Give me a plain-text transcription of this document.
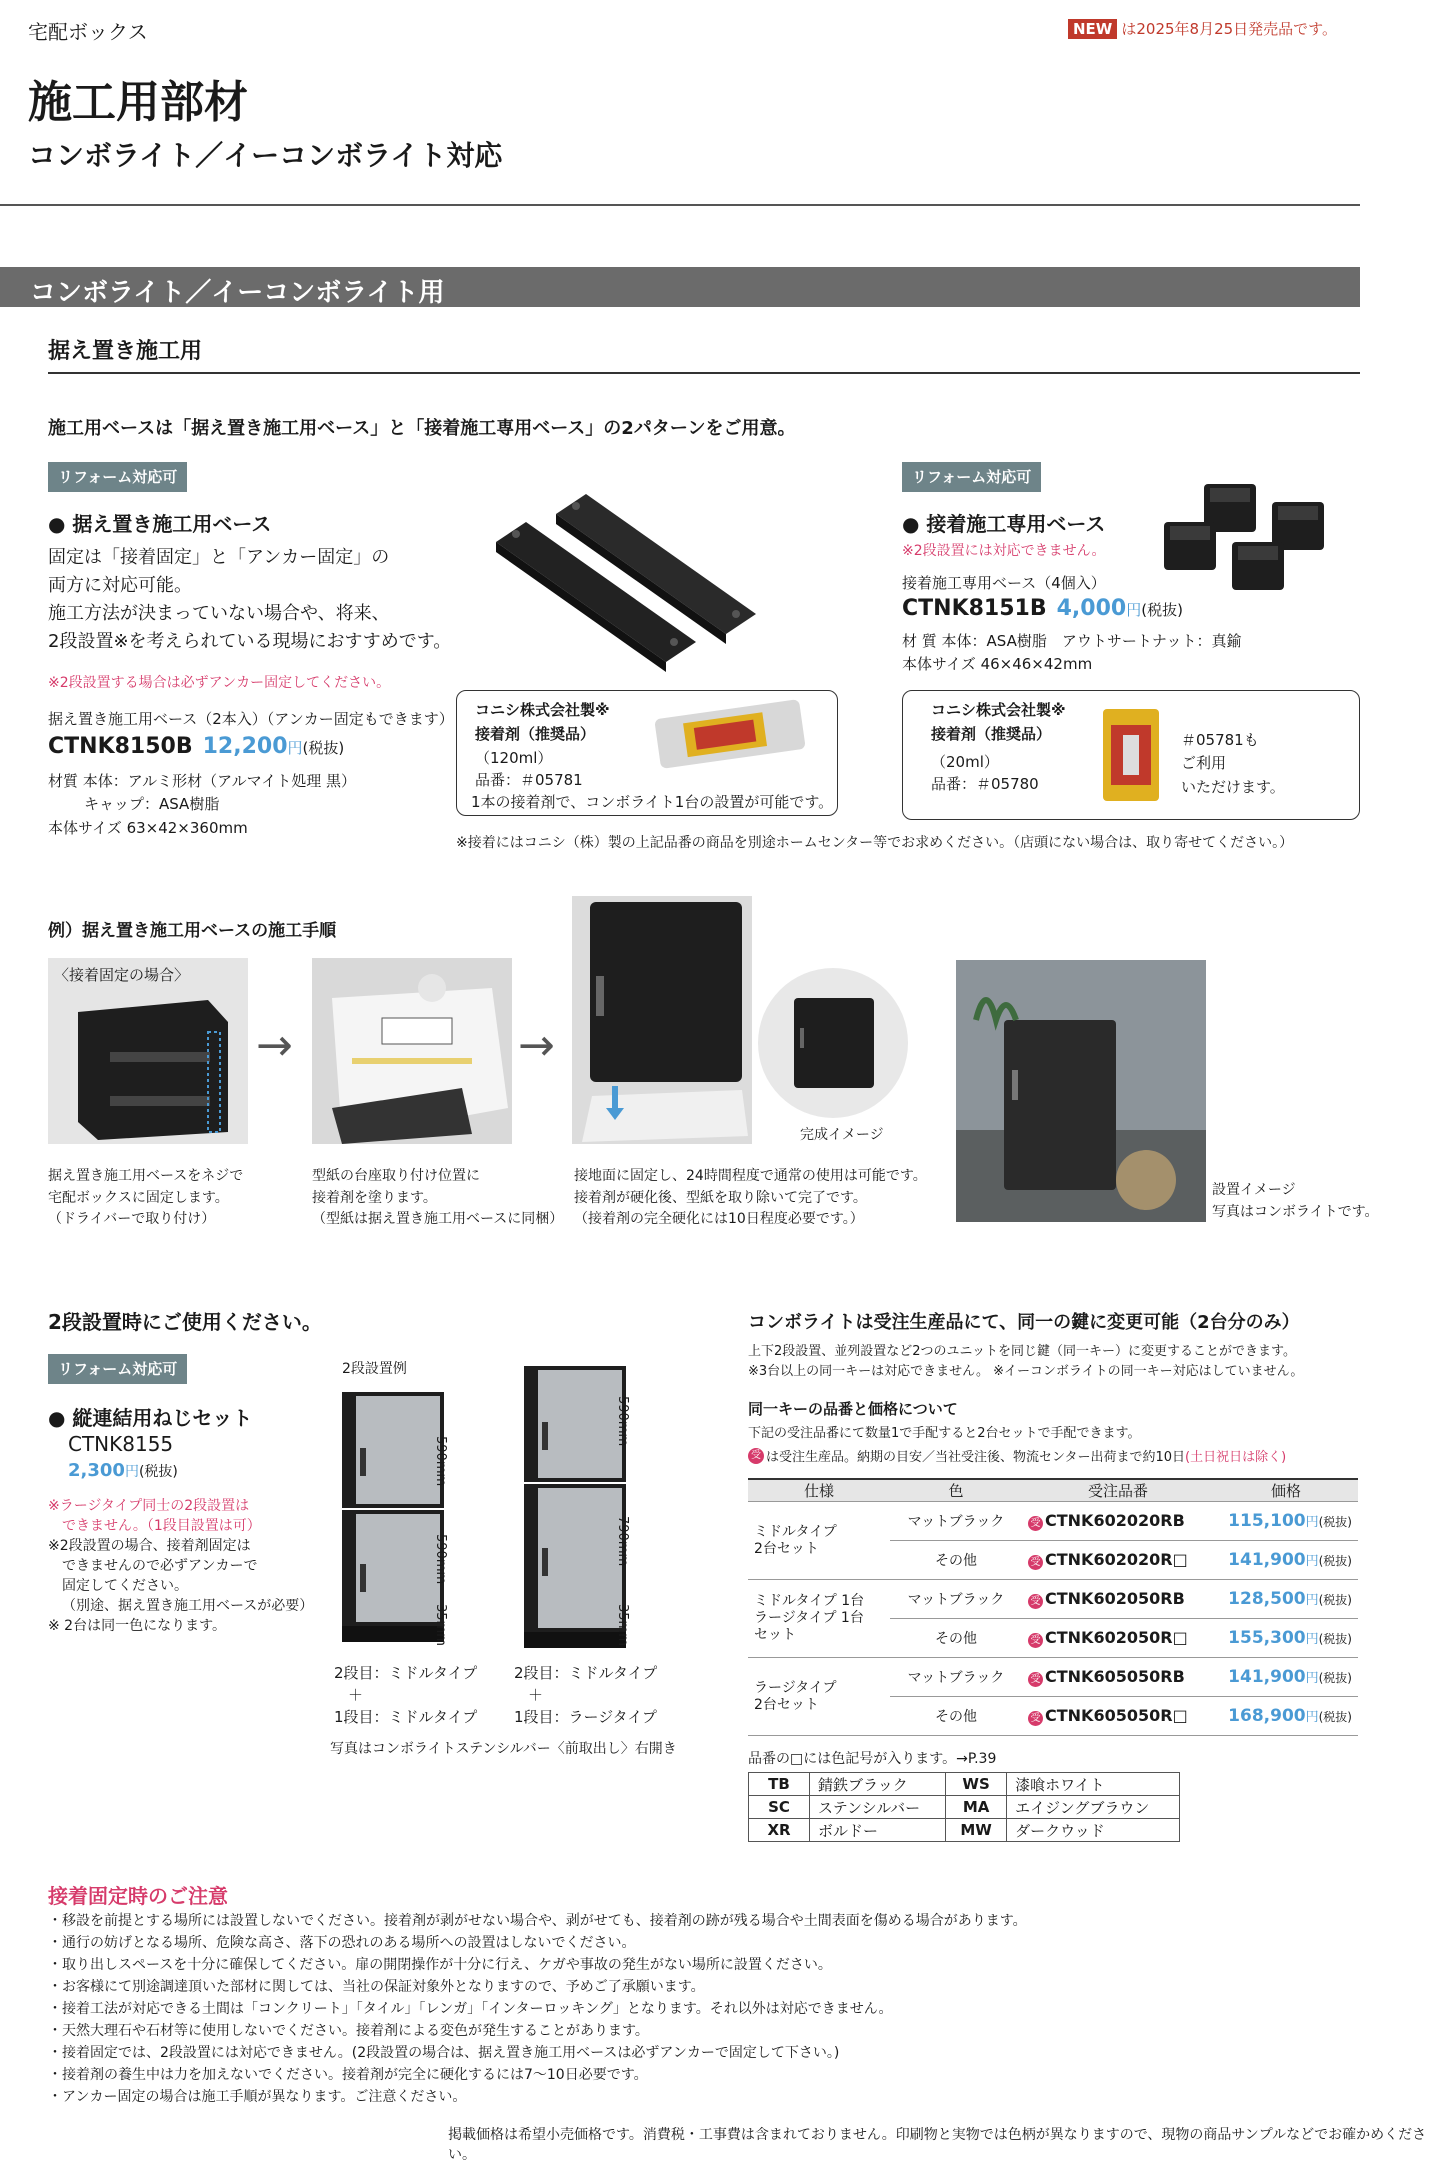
宅配ボックス	NEW は2025年8月25日発売品です。
施工用部材
コンボライト／イーコンボライト対応
コンボライト／イーコンボライト用
据え置き施工用
施工用ベースは「据え置き施工用ベース」と「接着施工専用ベース」の2パターンをご用意。
リフォーム対応可
● 据え置き施工用ベース
固定は「接着固定」と「アンカー固定」の
両方に対応可能。
施工方法が決まっていない場合や、将来、
2段設置※を考えられている現場におすすめです。
※2段設置する場合は必ずアンカー固定してください。
据え置き施工用ベース（2本入）（アンカー固定もできます）
CTNK8150B 12,200 円 (税抜)
材質 本体：アルミ形材（アルマイト処理 黒）
キャップ：ASA樹脂
本体サイズ 63×42×360mm
コニシ株式会社製※
接着剤（推奨品）
（120ml）
品番：＃05781
1本の接着剤で、コンボライト1台の設置が可能です。
リフォーム対応可
● 接着施工専用ベース
※2段設置には対応できません。
接着施工専用ベース（4個入）
CTNK8151B 4,000 円 (税抜)
材 質 本体：ASA樹脂　アウトサートナット：真鍮
本体サイズ 46×46×42mm
コニシ株式会社製※
接着剤（推奨品）
（20ml）
品番：＃05780
＃05781も
ご利用
いただけます。
※接着にはコニシ（株）製の上記品番の商品を別途ホームセンター等でお求めください。（店頭にない場合は、取り寄せてください。）
例）据え置き施工用ベースの施工手順
〈接着固定の場合〉
→	→
完成イメージ
設置イメージ
写真はコンボライトです。
据え置き施工用ベースをネジで
宅配ボックスに固定します。
（ドライバーで取り付け）
型紙の台座取り付け位置に
接着剤を塗ります。
（型紙は据え置き施工用ベースに同梱）
接地面に固定し、24時間程度で通常の使用は可能です。
接着剤が硬化後、型紙を取り除いて完了です。
（接着剤の完全硬化には10日程度必要です。）
2段設置時にご使用ください。
リフォーム対応可
● 縦連結用ねじセット
CTNK8155
2,300 円 (税抜)
※ラージタイプ同士の2段設置は
できません。（1段目設置は可）
※2段設置の場合、接着剤固定は
できませんので必ずアンカーで
固定してください。
（別途、据え置き施工用ベースが必要）
※ 2台は同一色になります。
2段設置例
590mm
590mm
35mm
590mm
790mm
35mm
2段目：ミドルタイプ
＋
1段目：ミドルタイプ
2段目：ミドルタイプ
＋
1段目：ラージタイプ
写真はコンボライトステンシルバー〈前取出し〉右開き
コンボライトは受注生産品にて、同一の鍵に変更可能（2台分のみ）
上下2段設置、並列設置など2つのユニットを同じ鍵（同一キー）に変更することができます。
※3台以上の同一キーは対応できません。 ※イーコンボライトの同一キー対応はしていません。
同一キーの品番と価格について
下記の受注品番にて数量1で手配すると2台セットで手配できます。
受 は受注生産品。納期の目安／当社受注後、物流センター出荷まで約10日 (土日祝日は除く)
仕様	色	受注品番	価格
ミドルタイプ
2台セット	マットブラック	受 CTNK602020RB	115,100円(税抜)
	その他	受 CTNK602020R□	141,900円(税抜)
ミドルタイプ 1台
ラージタイプ 1台
セット	マットブラック	受 CTNK602050RB	128,500円(税抜)
	その他	受 CTNK602050R□	155,300円(税抜)
ラージタイプ
2台セット	マットブラック	受 CTNK605050RB	141,900円(税抜)
	その他	受 CTNK605050R□	168,900円(税抜)
品番の□には色記号が入ります。→P.39
TB	錆鉄ブラック	WS	漆喰ホワイト
SC	ステンシルバー	MA	エイジングブラウン
XR	ボルドー	MW	ダークウッド
接着固定時のご注意
・移設を前提とする場所には設置しないでください。接着剤が剥がせない場合や、剥がせても、接着剤の跡が残る場合や土間表面を傷める場合があります。
・通行の妨げとなる場所、危険な高さ、落下の恐れのある場所への設置はしないでください。
・取り出しスペースを十分に確保してください。扉の開閉操作が十分に行え、ケガや事故の発生がない場所に設置ください。
・お客様にて別途調達頂いた部材に関しては、当社の保証対象外となりますので、予めご了承願います。
・接着工法が対応できる土間は「コンクリート」「タイル」「レンガ」「インターロッキング」となります。それ以外は対応できません。
・天然大理石や石材等に使用しないでください。接着剤による変色が発生することがあります。
・接着固定では、2段設置には対応できません。(2段設置の場合は、据え置き施工用ベースは必ずアンカーで固定して下さい。)
・接着剤の養生中は力を加えないでください。接着剤が完全に硬化するには7～10日必要です。
・アンカー固定の場合は施工手順が異なります。ご注意ください。
掲載価格は希望小売価格です。消費税・工事費は含まれておりません。印刷物と実物では色柄が異なりますので、現物の商品サンプルなどでお確かめください。
